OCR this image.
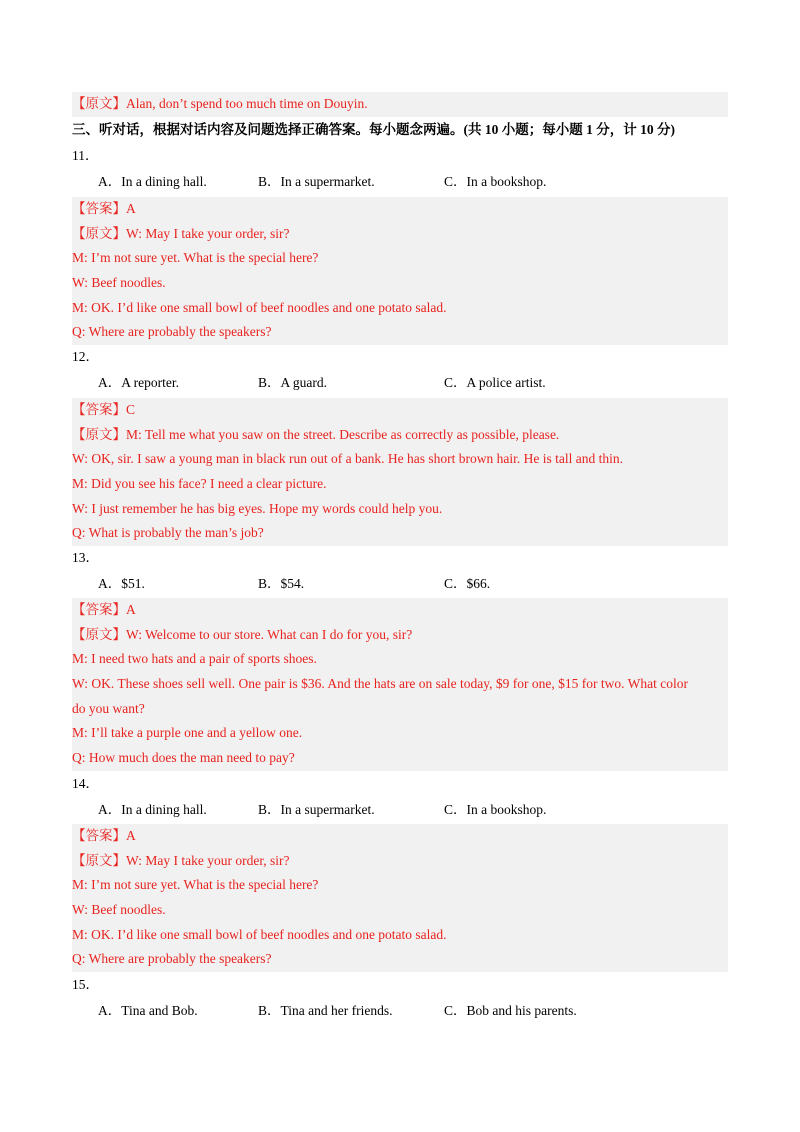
【原文】Alan, don’t spend too much time on Douyin.
三、听对话，根据对话内容及问题选择正确答案。每小题念两遍。(共 10 小题；每小题 1 分，计 10 分)
11．
A．In a dining hall.	B．In a supermarket.	C．In a bookshop.
【答案】A
【原文】W: May I take your order, sir?
M: I’m not sure yet. What is the special here?
W: Beef noodles.
M: OK. I’d like one small bowl of beef noodles and one potato salad.
Q: Where are probably the speakers?
12．
A．A reporter.	B．A guard.	C．A police artist.
【答案】C
【原文】M: Tell me what you saw on the street. Describe as correctly as possible, please.
W: OK, sir. I saw a young man in black run out of a bank. He has short brown hair. He is tall and thin.
M: Did you see his face? I need a clear picture.
W: I just remember he has big eyes. Hope my words could help you.
Q: What is probably the man’s job?
13．
A．$51.	B．$54.	C．$66.
【答案】A
【原文】W: Welcome to our store. What can I do for you, sir?
M: I need two hats and a pair of sports shoes.
W: OK. These shoes sell well. One pair is $36. And the hats are on sale today, $9 for one, $15 for two. What color
do you want?
M: I’ll take a purple one and a yellow one.
Q: How much does the man need to pay?
14．
A．In a dining hall.	B．In a supermarket.	C．In a bookshop.
【答案】A
【原文】W: May I take your order, sir?
M: I’m not sure yet. What is the special here?
W: Beef noodles.
M: OK. I’d like one small bowl of beef noodles and one potato salad.
Q: Where are probably the speakers?
15．
A．Tina and Bob.	B．Tina and her friends.	C．Bob and his parents.
